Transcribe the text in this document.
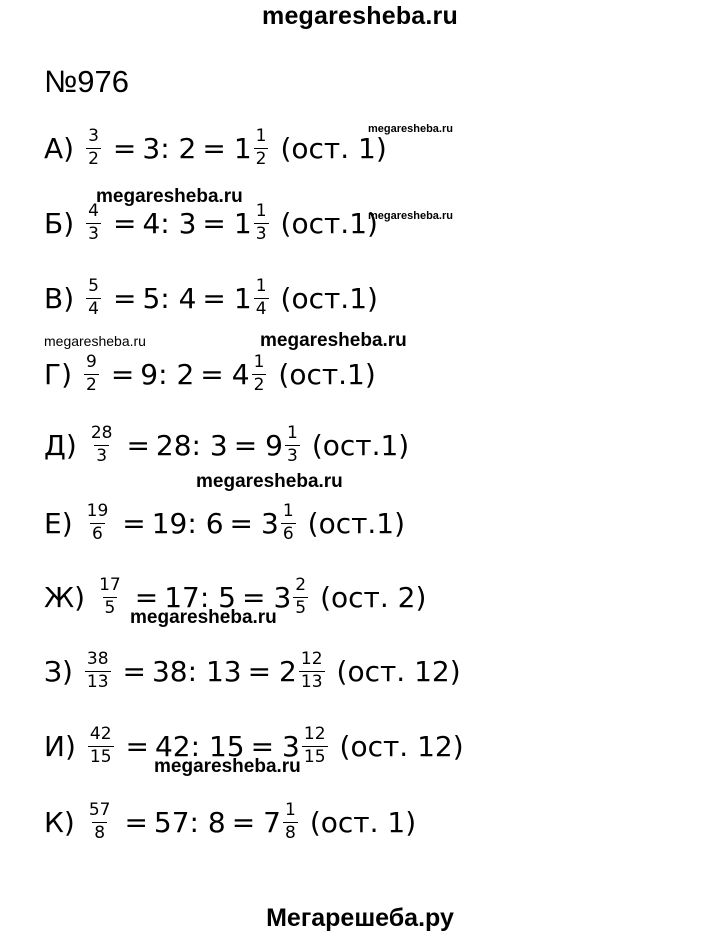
megaresheba.ru
№976
$А) \frac{3}{2} = 3$: $2 = 1 \frac{1}{2} (ост$. 1)
$Б) \frac{4}{3} = 4$: $3 = 1 \frac{1}{3} (ост.1)$
$В) \frac{5}{4} = 5$: $4 = 1 \frac{1}{4} (ост.1)$
$Г) \frac{9}{2} = 9$: $2 = 4 \frac{1}{2} (ост.1)$
$Д) \frac{28}{3} = 28$: $3 = 9 \frac{1}{3} (ост.1)$
$Е) \frac{19}{6} = 19$: $6 = 3 \frac{1}{6} (ост.1)$
$Ж) \frac{17}{5} = 17$: $5 = 3 \frac{2}{5} (ост$. 2)
$З) \frac{38}{13} = 38$: $13 = 2 \frac{12}{13} (ост$. 12)
$И) \frac{42}{15} = 42$: $15 = 3 \frac{12}{15} (ост$. 12)
$К) \frac{57}{8} = 57$: $8 = 7 \frac{1}{8} (ост$. 1)
megaresheba.ru
megaresheba.ru
megaresheba.ru
megaresheba.ru	megaresheba.ru
megaresheba.ru
megaresheba.ru
megaresheba.ru
Мегарешеба.ру
